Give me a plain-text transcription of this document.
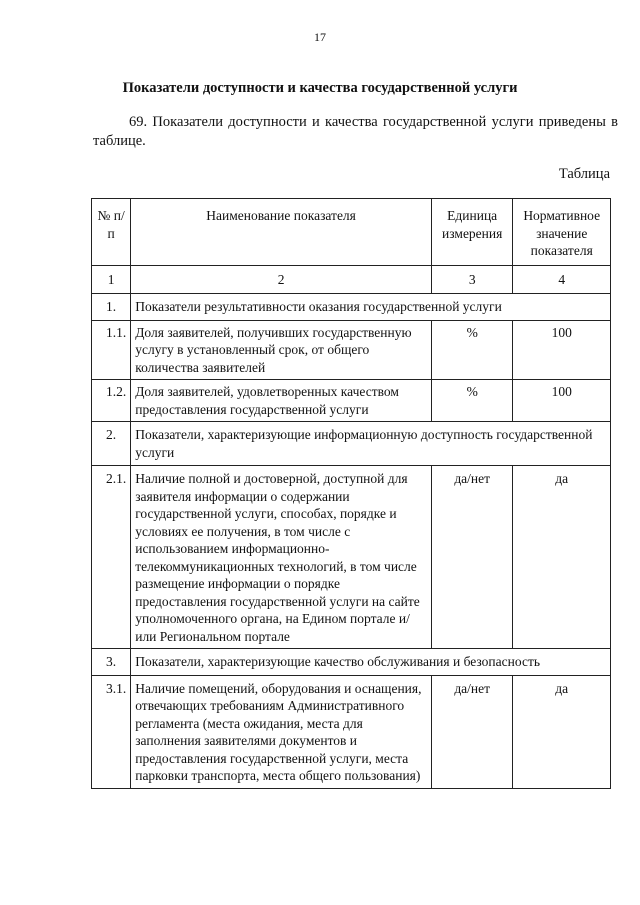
17
Показатели доступности и качества государственной услуги
69. Показатели доступности и качества государственной услуги приведены в таблице.
Таблица
№ п/п	Наименование показателя	Единица измерения	Нормативное значение показателя
1	2	3	4
1.	Показатели результативности оказания государственной услуги		
1.1.	Доля заявителей, получивших государственную услугу в установленный срок, от общего количества заявителей	%	100
1.2.	Доля заявителей, удовлетворенных качеством предоставления государственной услуги	%	100
2.	Показатели, характеризующие информационную доступность государственной услуги		
2.1.	Наличие полной и достоверной, доступной для заявителя информации о содержании государственной услуги, способах, порядке и условиях ее получения, в том числе с использованием информационно-телекоммуникационных технологий, в том числе размещение информации о порядке предоставления государственной услуги на сайте уполномоченного органа, на Едином портале и/или Региональном портале	да/нет	да
3.	Показатели, характеризующие качество обслуживания и безопасность		
3.1.	Наличие помещений, оборудования и оснащения, отвечающих требованиям Административного регламента (места ожидания, места для заполнения заявителями документов и предоставления государственной услуги, места парковки транспорта, места общего пользования)	да/нет	да
